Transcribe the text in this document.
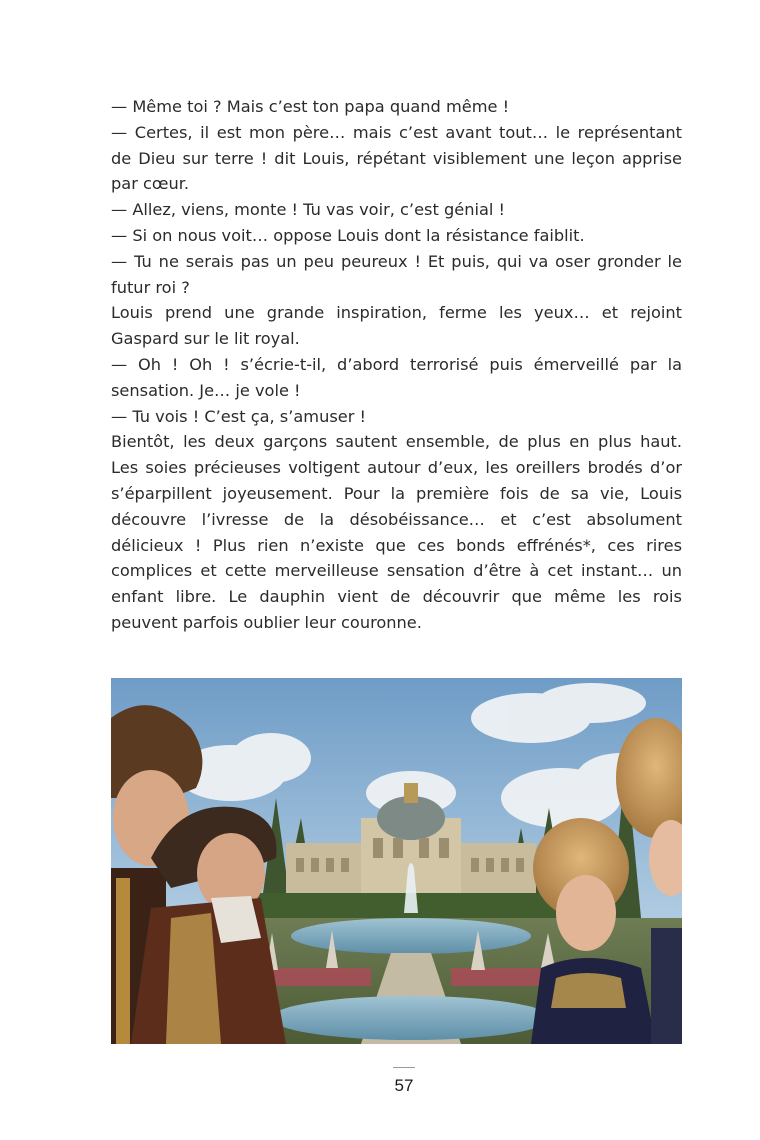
— Même toi ? Mais c’est ton papa quand même !
— Certes, il est mon père… mais c’est avant tout… le représentant
de Dieu sur terre ! dit Louis, répétant visiblement une leçon apprise
par cœur.
— Allez, viens, monte ! Tu vas voir, c’est génial !
— Si on nous voit… oppose Louis dont la résistance faiblit.
— Tu ne serais pas un peu peureux ! Et puis, qui va oser gronder le
futur roi ?
Louis prend une grande inspiration, ferme les yeux… et rejoint
Gaspard sur le lit royal.
— Oh ! Oh ! s’écrie-t-il, d’abord terrorisé puis émerveillé par la
sensation. Je… je vole !
— Tu vois ! C’est ça, s’amuser !
Bientôt, les deux garçons sautent ensemble, de plus en plus haut.
Les soies précieuses voltigent autour d’eux, les oreillers brodés d’or
s’éparpillent joyeusement. Pour la première fois de sa vie, Louis
découvre l’ivresse de la désobéissance… et c’est absolument
délicieux ! Plus rien n’existe que ces bonds effrénés*, ces rires
complices et cette merveilleuse sensation d’être à cet instant… un
enfant libre. Le dauphin vient de découvrir que même les rois
peuvent parfois oublier leur couronne.
57
